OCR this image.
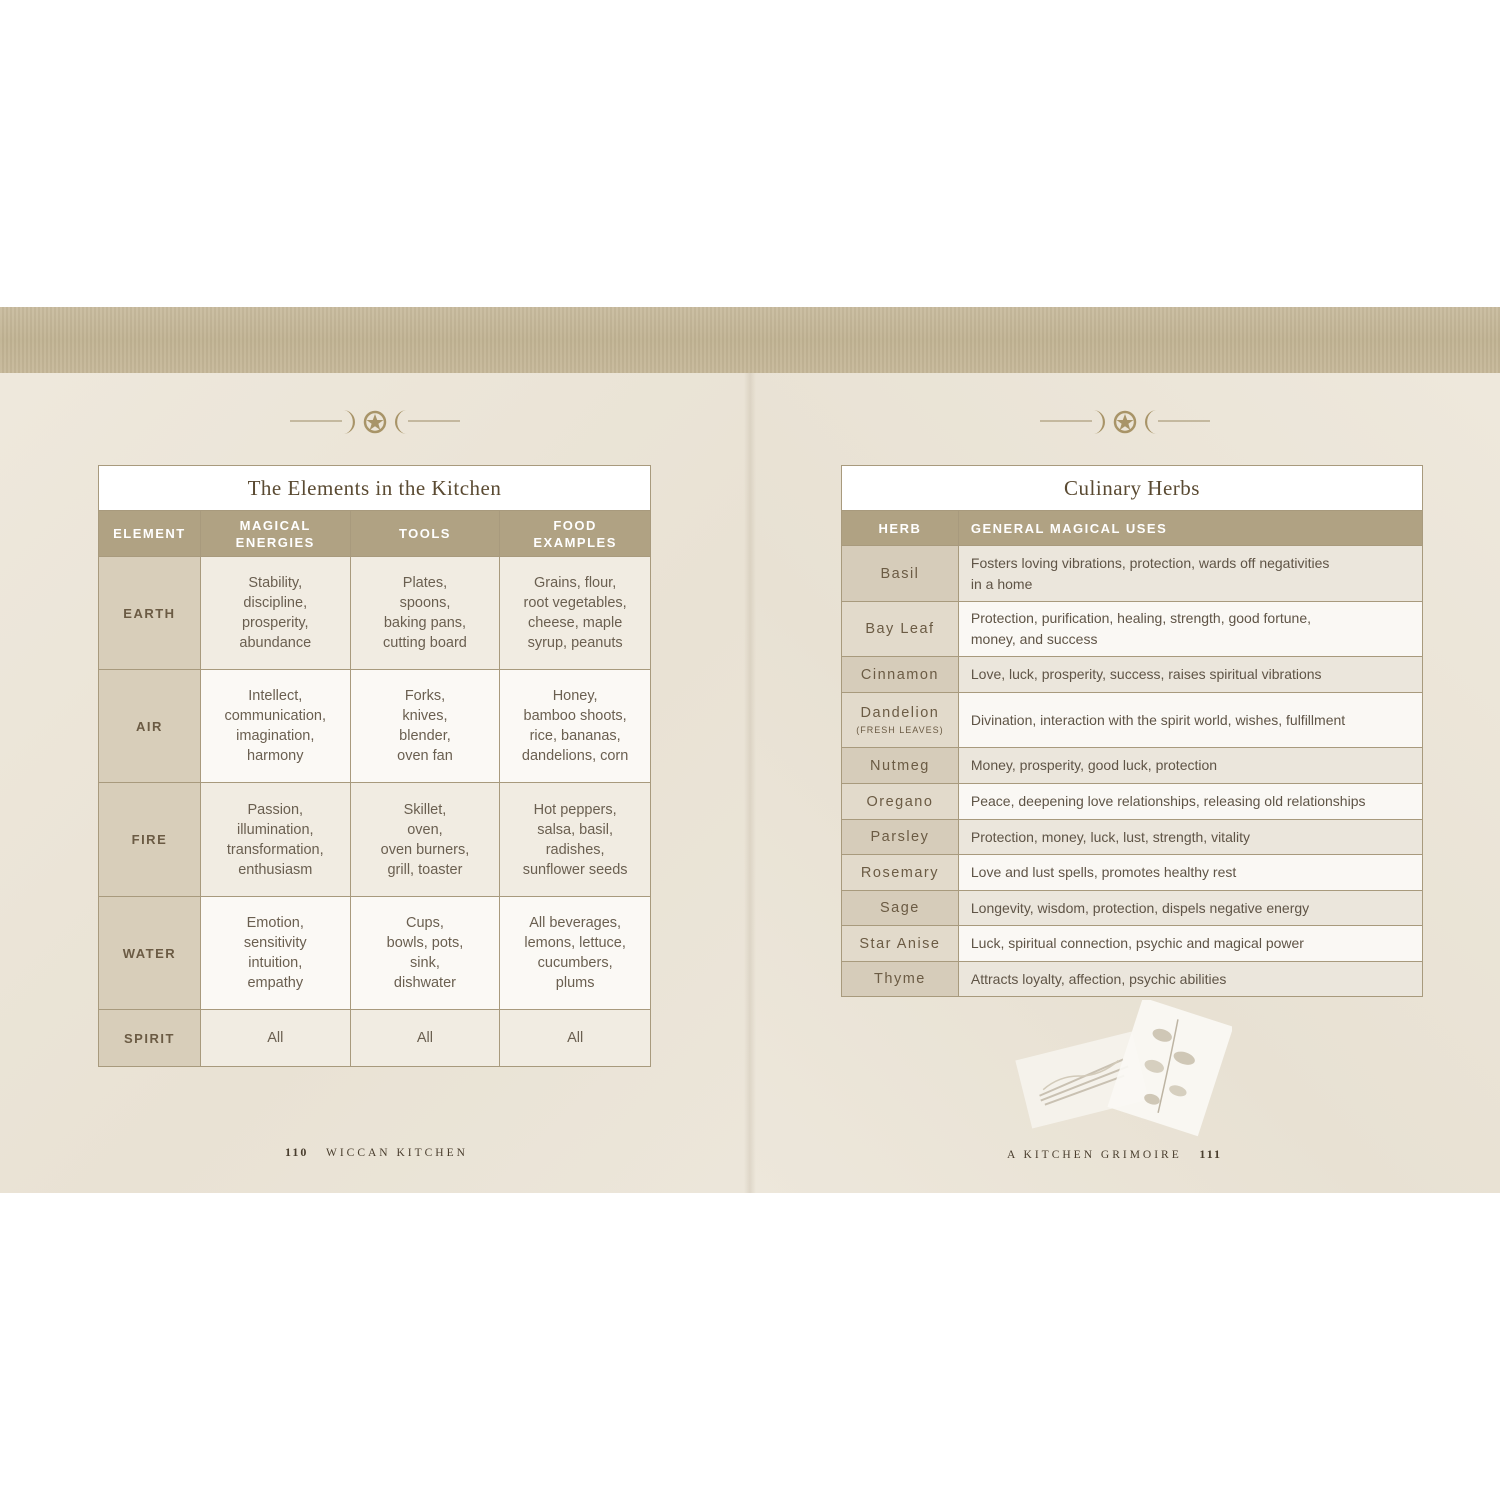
The Elements in the Kitchen			
ELEMENT	MAGICAL
ENERGIES	TOOLS	FOOD
EXAMPLES
EARTH	Stability,
discipline,
prosperity,
abundance	Plates,
spoons,
baking pans,
cutting board	Grains, flour,
root vegetables,
cheese, maple
syrup, peanuts
AIR	Intellect,
communication,
imagination,
harmony	Forks,
knives,
blender,
oven fan	Honey,
bamboo shoots,
rice, bananas,
dandelions, corn
FIRE	Passion,
illumination,
transformation,
enthusiasm	Skillet,
oven,
oven burners,
grill, toaster	Hot peppers,
salsa, basil,
radishes,
sunflower seeds
WATER	Emotion,
sensitivity
intuition,
empathy	Cups,
bowls, pots,
sink,
dishwater	All beverages,
lemons, lettuce,
cucumbers,
plums
SPIRIT	All	All	All
Culinary Herbs	
HERB	GENERAL MAGICAL USES
Basil	Fosters loving vibrations, protection, wards off negativities
in a home
Bay Leaf	Protection, purification, healing, strength, good fortune,
money, and success
Cinnamon	Love, luck, prosperity, success, raises spiritual vibrations
Dandelion
(FRESH LEAVES)	Divination, interaction with the spirit world, wishes, fulfillment
Nutmeg	Money, prosperity, good luck, protection
Oregano	Peace, deepening love relationships, releasing old relationships
Parsley	Protection, money, luck, lust, strength, vitality
Rosemary	Love and lust spells, promotes healthy rest
Sage	Longevity, wisdom, protection, dispels negative energy
Star Anise	Luck, spiritual connection, psychic and magical power
Thyme	Attracts loyalty, affection, psychic abilities
110 WICCAN KITCHEN	A KITCHEN GRIMOIRE 111
